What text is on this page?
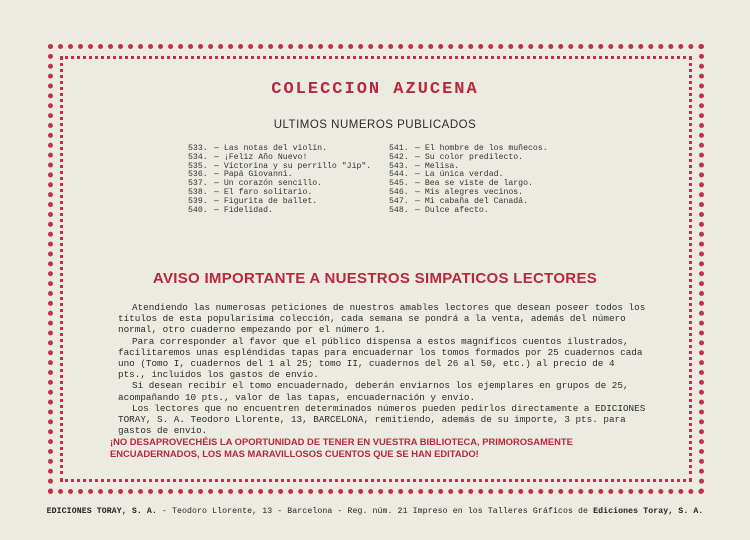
COLECCION AZUCENA
ULTIMOS NUMEROS PUBLICADOS
533. — Las notas del violín.
534. — ¡Feliz Año Nuevo!
535. — Victorina y su perrillo "Jip".
536. — Papá Giovanni.
537. — Un corazón sencillo.
538. — El faro solitario.
539. — Figurita de ballet.
540. — Fidelidad.
541. — El hombre de los muñecos.
542. — Su color predilecto.
543. — Melisa.
544. — La única verdad.
545. — Bea se viste de largo.
546. — Mis alegres vecinos.
547. — Mi cabaña del Canadá.
548. — Dulce afecto.
AVISO IMPORTANTE A NUESTROS SIMPATICOS LECTORES

Atendiendo las numerosas peticiones de nuestros amables lectores que desean poseer todos los títulos de esta popularísima colección, cada semana se pondrá a la venta, además del número normal, otro cuaderno empezando por el número 1.

Para corresponder al favor que el público dispensa a estos magníficos cuentos ilustrados, facilitaremos unas espléndidas tapas para encuadernar los tomos formados por 25 cuadernos cada uno (Tomo I, cuadernos del 1 al 25; tomo II, cuadernos del 26 al 50, etc.) al precio de 4 pts., incluidos los gastos de envío.

Si desean recibir el tomo encuadernado, deberán enviarnos los ejemplares en grupos de 25, acompañando 10 pts., valor de las tapas, encuadernación y envío.

Los lectores que no encuentren determinados números pueden pedirlos directamente a EDICIONES TORAY, S. A. Teodoro Llorente, 13, BARCELONA, remitiendo, además de su importe, 3 pts. para gastos de envío.

¡NO DESAPROVECHÉIS LA OPORTUNIDAD DE TENER EN VUESTRA BIBLIOTECA, PRIMOROSAMENTE ENCUADERNADOS, LOS MAS MARAVILLOSOS CUENTOS QUE SE HAN EDITADO!
EDICIONES TORAY, S. A. - Teodoro Llorente, 13 - Barcelona - Reg. núm. 21 Impreso en los Talleres Gráficos de Ediciones Toray, S. A.
